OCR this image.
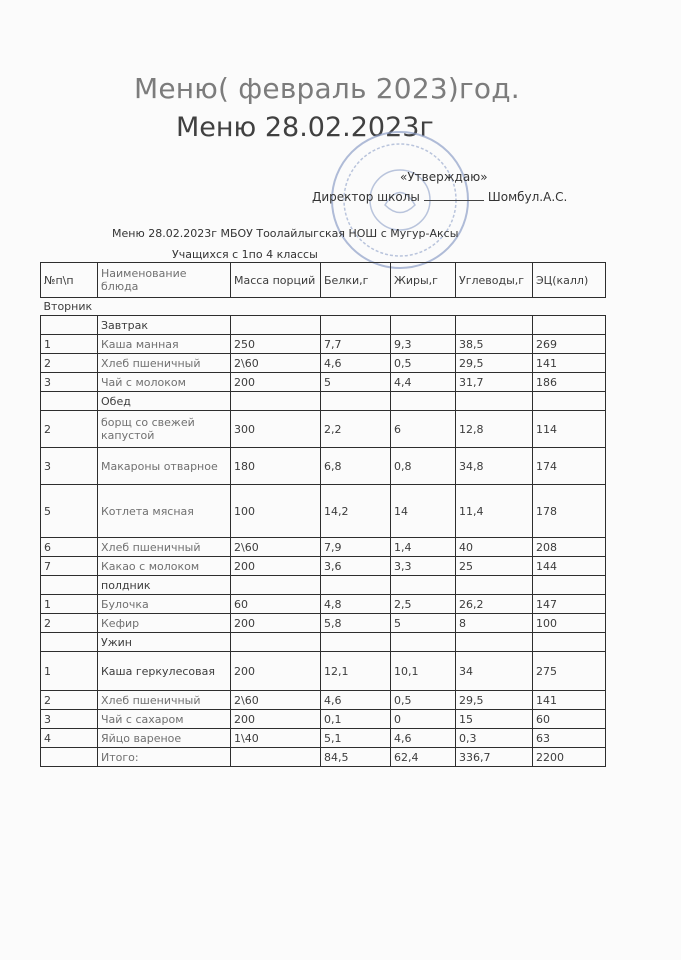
Меню( февраль 2023)год.
Меню 28.02.2023г
«Утверждаю»
Директор школы	Шомбул.А.С.
Меню 28.02.2023г МБОУ Тоолайлыгская НОШ с Мугур-Аксы
Учащихся с 1по 4 классы
№п\п	Наименование блюда	Масса порций	Белки,г	Жиры,г	Углеводы,г	ЭЦ(калл)
Вторник						
	Завтрак					
1	Каша манная	250	7,7	9,3	38,5	269
2	Хлеб пшеничный	2\60	4,6	0,5	29,5	141
3	Чай с молоком	200	5	4,4	31,7	186
	Обед					
2	борщ со свежей капустой	300	2,2	6	12,8	114
3	Макароны отварное	180	6,8	0,8	34,8	174
5	Котлета мясная	100	14,2	14	11,4	178
6	Хлеб пшеничный	2\60	7,9	1,4	40	208
7	Какао с молоком	200	3,6	3,3	25	144
	полдник					
1	Булочка	60	4,8	2,5	26,2	147
2	Кефир	200	5,8	5	8	100
	Ужин					
1	Каша геркулесовая	200	12,1	10,1	34	275
2	Хлеб пшеничный	2\60	4,6	0,5	29,5	141
3	Чай с сахаром	200	0,1	0	15	60
4	Яйцо вареное	1\40	5,1	4,6	0,3	63
	Итого:		84,5	62,4	336,7	2200
